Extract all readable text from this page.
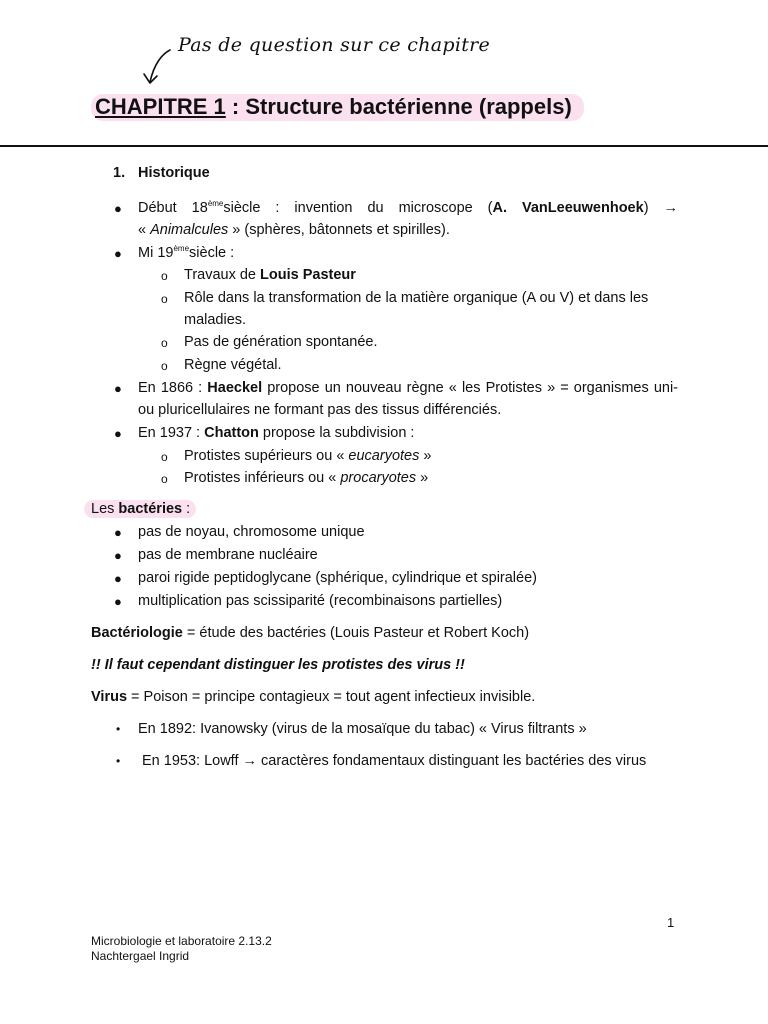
Pas de question sur ce chapitre
CHAPITRE 1 : Structure bactérienne (rappels)
1. Historique
● Début 18èmesiècle : invention du microscope (A. VanLeeuwenhoek) →
« Animalcules » (sphères, bâtonnets et spirilles).
● Mi 19èmesiècle :
o Travaux de Louis Pasteur
o Rôle dans la transformation de la matière organique (A ou V) et dans les
maladies.
o Pas de génération spontanée.
o Règne végétal.
● En 1866 : Haeckel propose un nouveau règne « les Protistes » = organismes uni-
ou pluricellulaires ne formant pas des tissus différenciés.
● En 1937 : Chatton propose la subdivision :
o Protistes supérieurs ou « eucaryotes »
o Protistes inférieurs ou « procaryotes »
Les bactéries :
● pas de noyau, chromosome unique
● pas de membrane nucléaire
● paroi rigide peptidoglycane (sphérique, cylindrique et spiralée)
● multiplication pas scissiparité (recombinaisons partielles)
Bactériologie = étude des bactéries (Louis Pasteur et Robert Koch)
!! Il faut cependant distinguer les protistes des virus !!
Virus = Poison = principe contagieux = tout agent infectieux invisible.
• En 1892: Ivanowsky (virus de la mosaïque du tabac) « Virus filtrants »
• En 1953: Lowff → caractères fondamentaux distinguant les bactéries des virus
1
Microbiologie et laboratoire 2.13.2
Nachtergael Ingrid
